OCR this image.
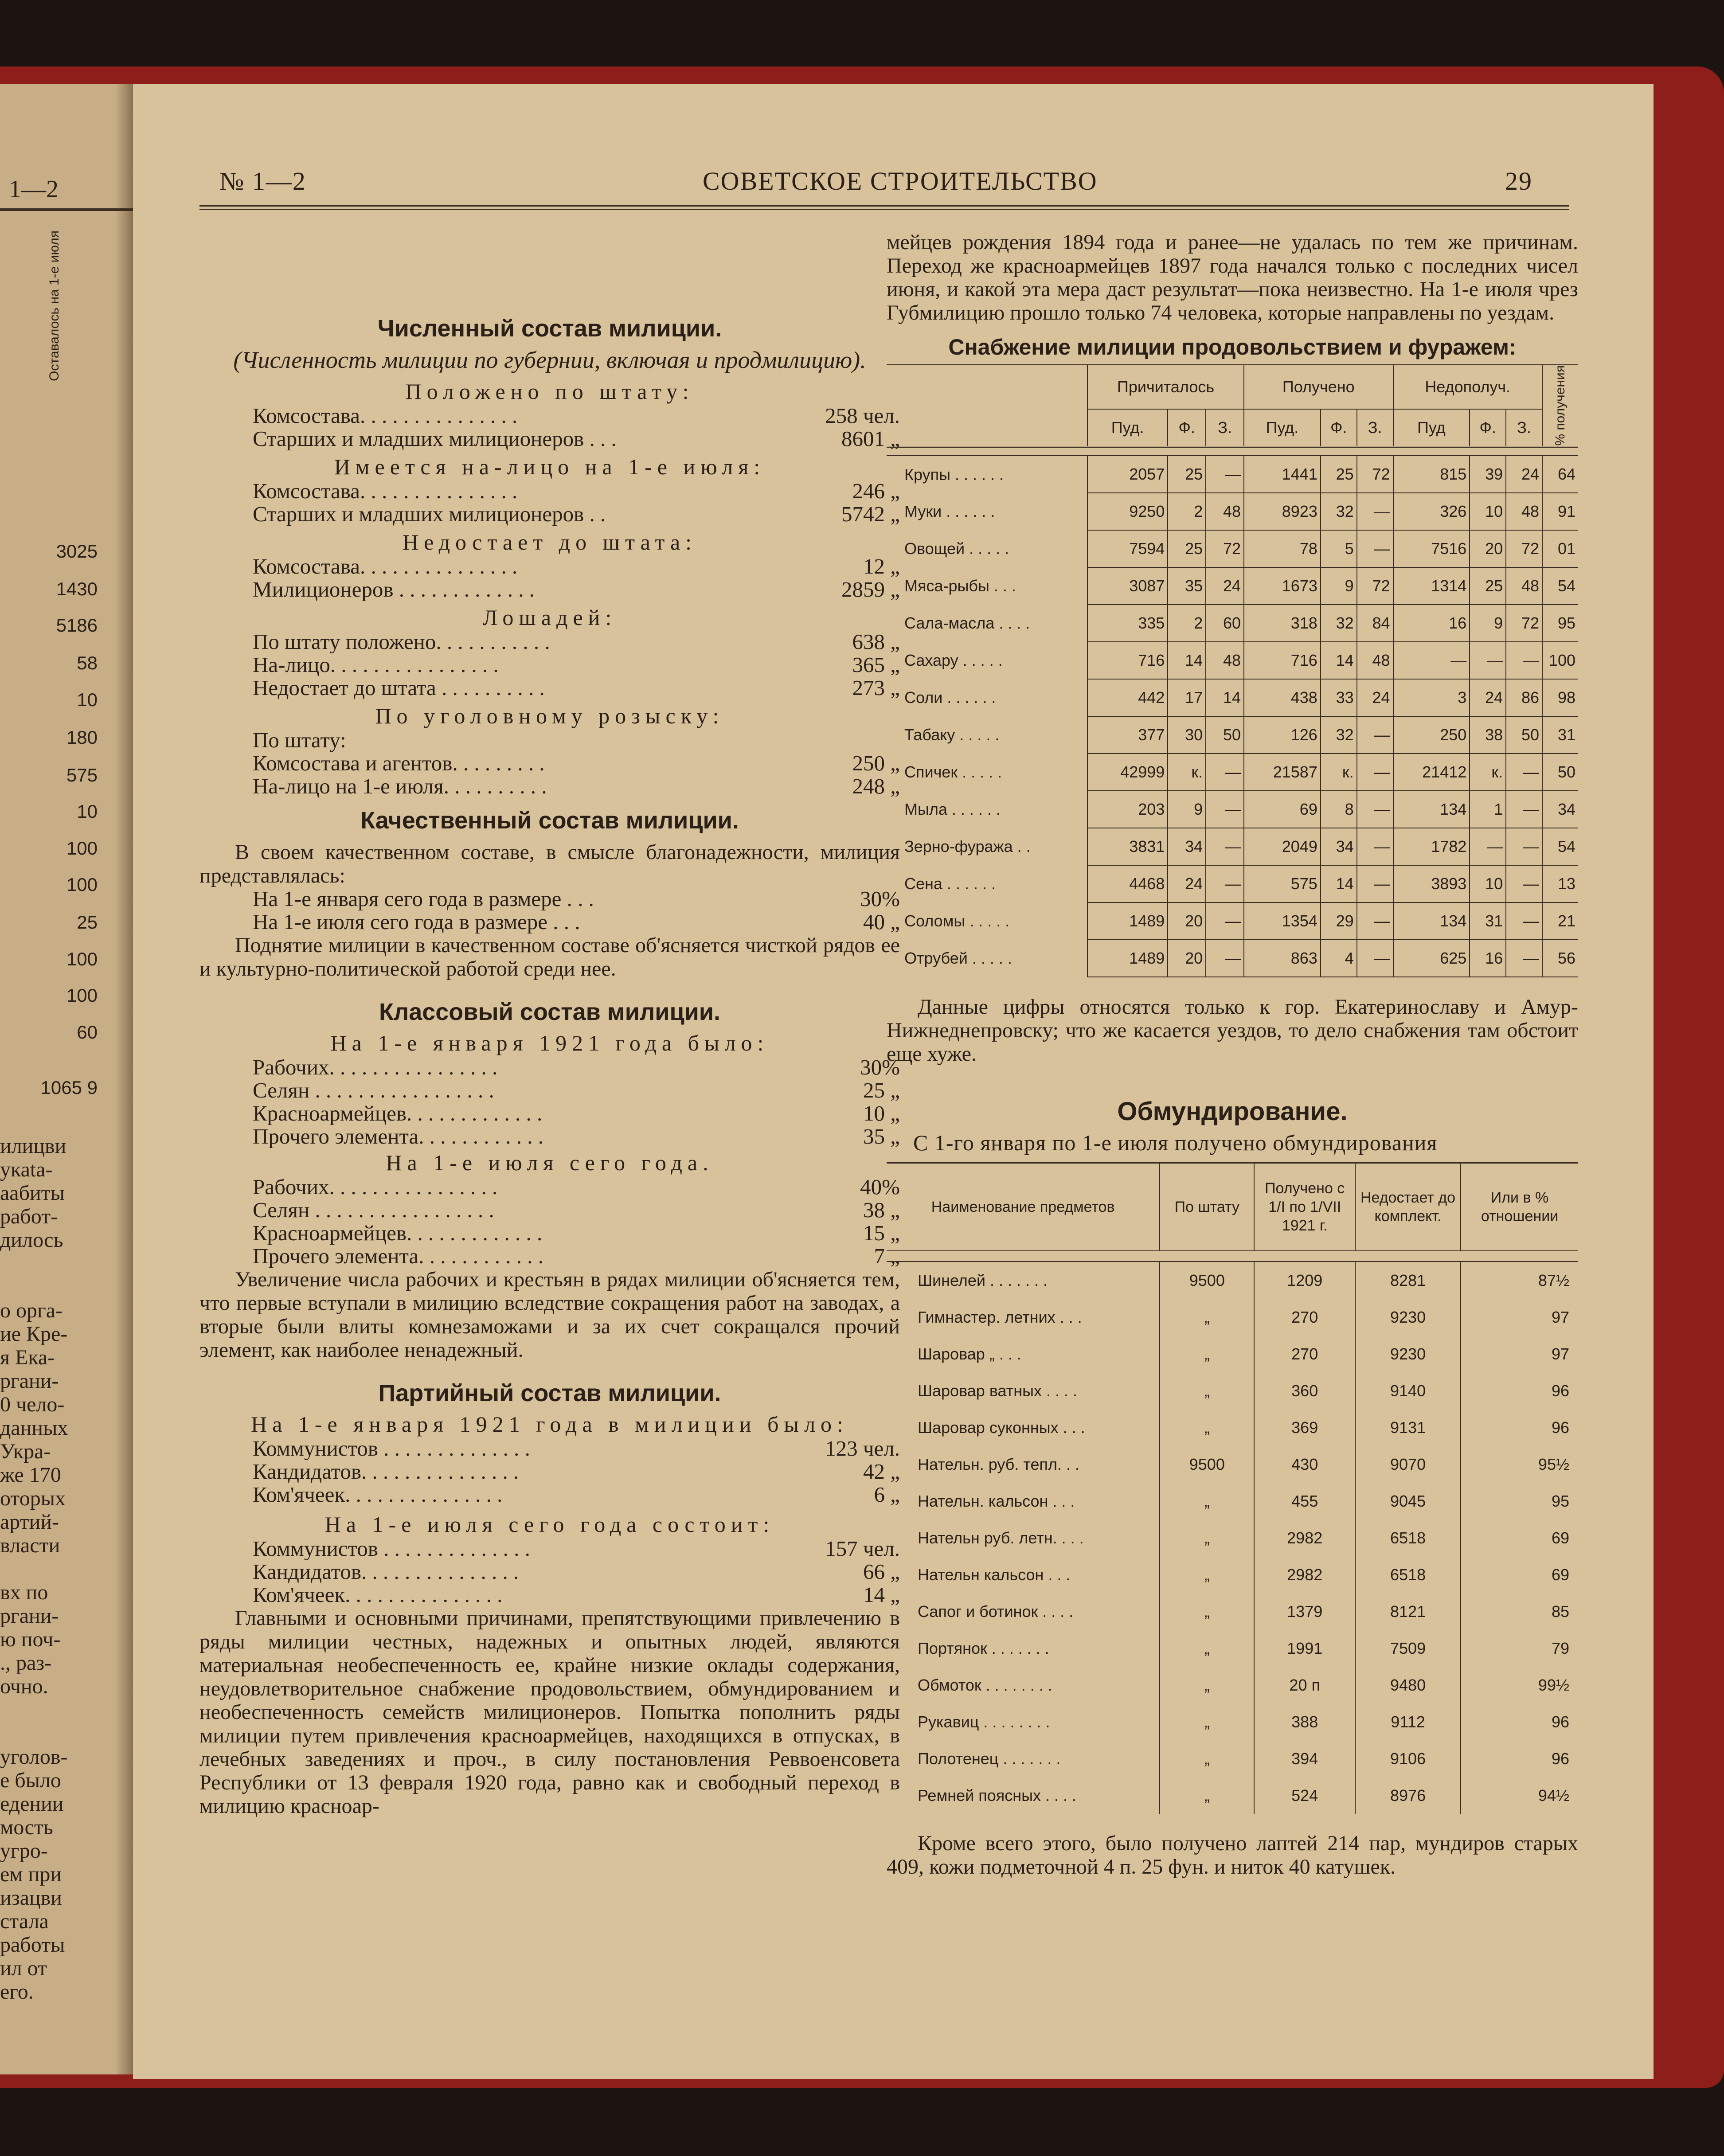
1—2
3025
1430
5186
58
10
180
575
10
100
100
25
100
100
60
1065 9
Оставалось на 1-е июля
илицви
укаtа-
aабиты
работ-
дилось
о орга-
ие Кре-
я Ека-
ргани-
0 чело-
данных
Укра-
же 170
оторых
артий-
власти
вх по
ргани-
ю поч-
., раз-
очно.
уголов-
е было
едении
мость
угро-
ем при
изацви
стала
работы
ил от
его.
№ 1—2	СОВЕТСКОЕ СТРОИТЕЛЬСТВО	29
Численный состав милиции.

(Численность милиции по губернии, включая и продмилицию).

Положено по штату:

Комсостава. . . . . . . . . . . . . . .	258 чел.
Старших и младших милиционеров . . .	8601 „

Имеется на-лицо на 1-е июля:

Комсостава. . . . . . . . . . . . . . .	246 „
Старших и младших милиционеров . .	5742 „

Недостает до штата:

Комсостава. . . . . . . . . . . . . . .	12 „
Милиционеров . . . . . . . . . . . . .	2859 „

Лошадей:

По штату положено. . . . . . . . . . .	638 „
На-лицо. . . . . . . . . . . . . . . .	365 „
Недостает до штата . . . . . . . . . .	273 „

По уголовному розыску:

По штату:
Комсостава и агентов. . . . . . . . .	250 „
На-лицо на 1-е июля. . . . . . . . . .	248 „
Качественный состав милиции.

В своем качественном составе, в смысле благонадежности, милиция представлялась:

На 1-е января сего года в размере . . .	30%
На 1-е июля сего года в размере . . .	40 „

Поднятие милиции в качественном составе об'ясняется чисткой рядов ее и культурно-политической работой среди нее.

Классовый состав милиции.

На 1-е января 1921 года было:

Рабочих. . . . . . . . . . . . . . . .	30%
Селян . . . . . . . . . . . . . . . . .	25 „
Красноармейцев. . . . . . . . . . . . .	10 „
Прочего элемента. . . . . . . . . . . .	35 „

На 1-е июля сего года.

Рабочих. . . . . . . . . . . . . . . .	40%
Селян . . . . . . . . . . . . . . . . .	38 „
Красноармейцев. . . . . . . . . . . . .	15 „
Прочего элемента. . . . . . . . . . . .	7 „

Увеличение числа рабочих и крестьян в рядах милиции об'ясняется тем, что первые вступали в милицию вследствие сокращения работ на заводах, а вторые были влиты комнезаможами и за их счет сокращался прочий элемент, как наиболее ненадежный.

Партийный состав милиции.

На 1-е января 1921 года в милиции было:

Коммунистов . . . . . . . . . . . . . .	123 чел.
Кандидатов. . . . . . . . . . . . . . .	42 „
Ком'ячеек. . . . . . . . . . . . . . .	6 „

На 1-е июля сего года состоит:

Коммунистов . . . . . . . . . . . . . .	157 чел.
Кандидатов. . . . . . . . . . . . . . .	66 „
Ком'ячеек. . . . . . . . . . . . . . .	14 „

Главными и основными причинами, препятствующими привлечению в ряды милиции честных, надежных и опытных людей, являются материальная необеспеченность ее, крайне низкие оклады содержания, неудовлетворительное снабжение продовольствием, обмундированием и необеспеченность семейств милиционеров. Попытка пополнить ряды милиции путем привлечения красноармейцев, находящихся в отпусках, в лечебных заведениях и проч., в силу постановления Реввоенсовета Республики от 13 февраля 1920 года, равно как и свободный переход в милицию красноар-

мейцев рождения 1894 года и ранее—не удалась по тем же причинам. Переход же красноармейцев 1897 года начался только с последних чисел июня, и какой эта мера даст результат—пока неизвестно. На 1-е июля чрез Губмилицию прошло только 74 человека, которые направлены по уездам.

Снабжение милиции продовольствием и фуражем:
	Причиталось			Получено			Недополуч.			% получения

	Пуд.	Ф.	З.	Пуд.	Ф.	З.	Пуд	Ф.	З.	

Крупы . . . . . .	2057	25	—	1441	25	72	815	39	24	64
Муки . . . . . .	9250	2	48	8923	32	—	326	10	48	91
Овощей . . . . .	7594	25	72	78	5	—	7516	20	72	01
Мяса-рыбы . . .	3087	35	24	1673	9	72	1314	25	48	54
Сала-масла . . . .	335	2	60	318	32	84	16	9	72	95
Сахару . . . . .	716	14	48	716	14	48	—	—	—	100
Соли . . . . . .	442	17	14	438	33	24	3	24	86	98
Табаку . . . . .	377	30	50	126	32	—	250	38	50	31
Спичек . . . . .	42999	к.	—	21587	к.	—	21412	к.	—	50
Мыла . . . . . .	203	9	—	69	8	—	134	1	—	34
Зерно-фуража . .	3831	34	—	2049	34	—	1782	—	—	54
Сена . . . . . .	4468	24	—	575	14	—	3893	10	—	13
Соломы . . . . .	1489	20	—	1354	29	—	134	31	—	21
Отрубей . . . . .	1489	20	—	863	4	—	625	16	—	56

Данные цифры относятся только к гор. Екатеринославу и Амур-Нижнеднепровску; что же касается уездов, то дело снабжения там обстоит еще хуже.

Обмундирование.

С 1-го января по 1-е июля получено обмундирования

Наименование предметов	По штату	Получено с 1/I по 1/VII 1921 г.	Недостает до комплект.	Или в % отношении

Шинелей . . . . . . .	9500	1209	8281	87½
Гимнастер. летних . . .	„	270	9230	97
Шаровар „ . . .	„	270	9230	97
Шаровар ватных . . . .	„	360	9140	96
Шаровар суконных . . .	„	369	9131	96
Нательн. руб. тепл. . .	9500	430	9070	95½
Нательн. кальсон . . .	„	455	9045	95
Нательн руб. летн. . . .	„	2982	6518	69
Нательн кальсон . . .	„	2982	6518	69
Сапог и ботинок . . . .	„	1379	8121	85
Портянок . . . . . . .	„	1991	7509	79
Обмоток . . . . . . . .	„	20 п	9480	99½
Рукавиц . . . . . . . .	„	388	9112	96
Полотенец . . . . . . .	„	394	9106	96
Ремней поясных . . . .	„	524	8976	94½

Кроме всего этого, было получено лаптей 214 пар, мундиров старых 409, кожи подметочной 4 п. 25 фун. и ниток 40 катушек.
